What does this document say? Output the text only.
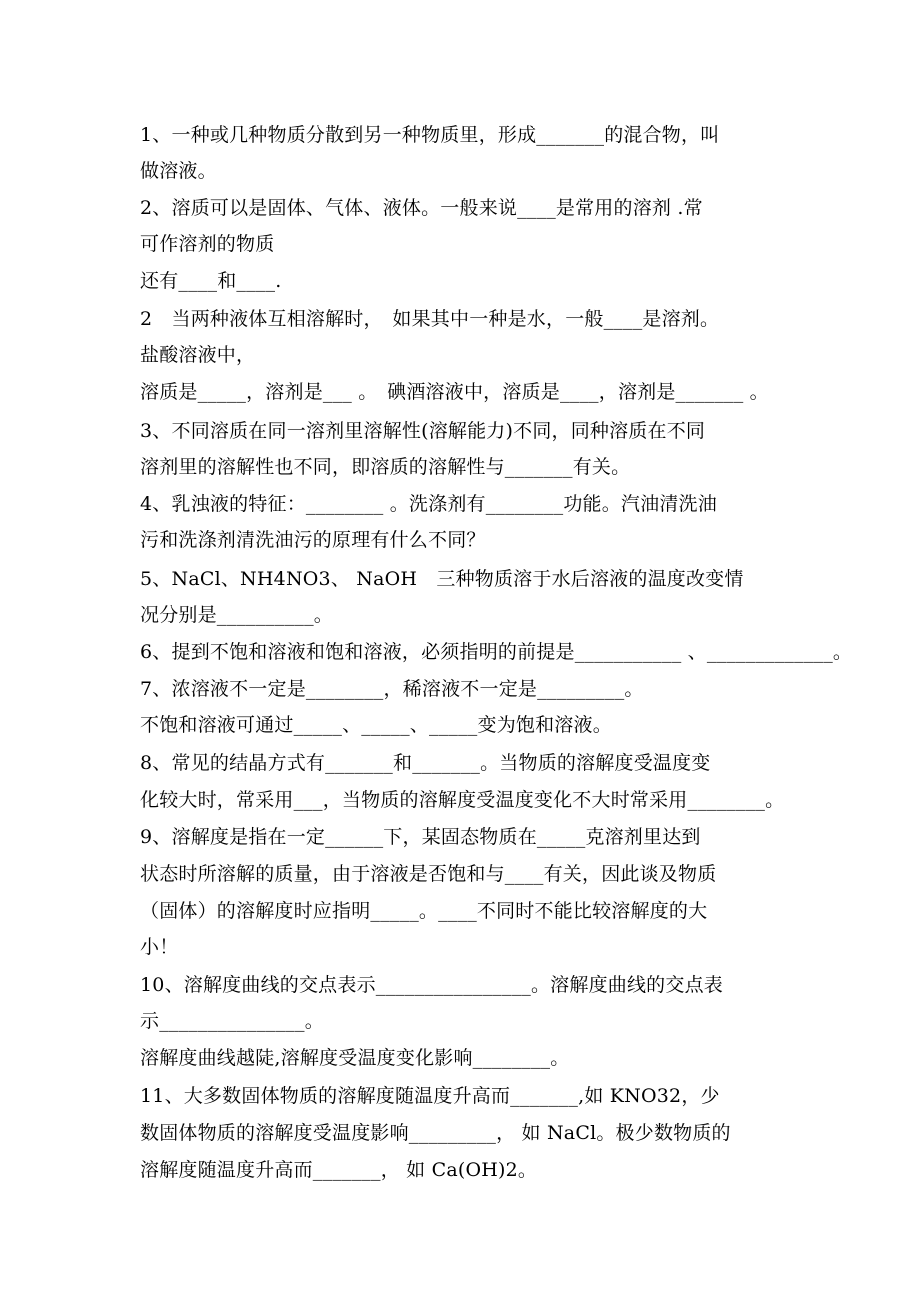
1、一种或几种物质分散到另一种物质里，形成_______的混合物，叫
做溶液。
2、溶质可以是固体、气体、液体。一般来说____是常用的溶剂 .常
可作溶剂的物质
还有____和____.
2　当两种液体互相溶解时，　如果其中一种是水，一般____是溶剂。
盐酸溶液中，
溶质是_____，溶剂是___ 。　碘酒溶液中，溶质是____，溶剂是_______ 。
3、不同溶质在同一溶剂里溶解性(溶解能力)不同，同种溶质在不同
溶剂里的溶解性也不同，即溶质的溶解性与_______有关。
4、乳浊液的特征：________ 。洗涤剂有________功能。汽油清洗油
污和洗涤剂清洗油污的原理有什么不同？
5、NaCl、NH4NO3、 NaOH　三种物质溶于水后溶液的温度改变情
况分别是__________。
6、提到不饱和溶液和饱和溶液，必须指明的前提是___________ 、_____________。
7、浓溶液不一定是________，稀溶液不一定是_________。
不饱和溶液可通过_____、_____、_____变为饱和溶液。
8、常见的结晶方式有_______和_______。当物质的溶解度受温度变
化较大时，常采用___，当物质的溶解度受温度变化不大时常采用________。
9、溶解度是指在一定______下，某固态物质在_____克溶剂里达到
状态时所溶解的质量，由于溶液是否饱和与____有关，因此谈及物质
（固体）的溶解度时应指明_____。____不同时不能比较溶解度的大
小！
10、溶解度曲线的交点表示________________。溶解度曲线的交点表
示_______________。
溶解度曲线越陡,溶解度受温度变化影响________。
11、大多数固体物质的溶解度随温度升高而_______,如 KNO32，少
数固体物质的溶解度受温度影响_________， 如 NaCl。极少数物质的
溶解度随温度升高而_______， 如 Ca(OH)2。
